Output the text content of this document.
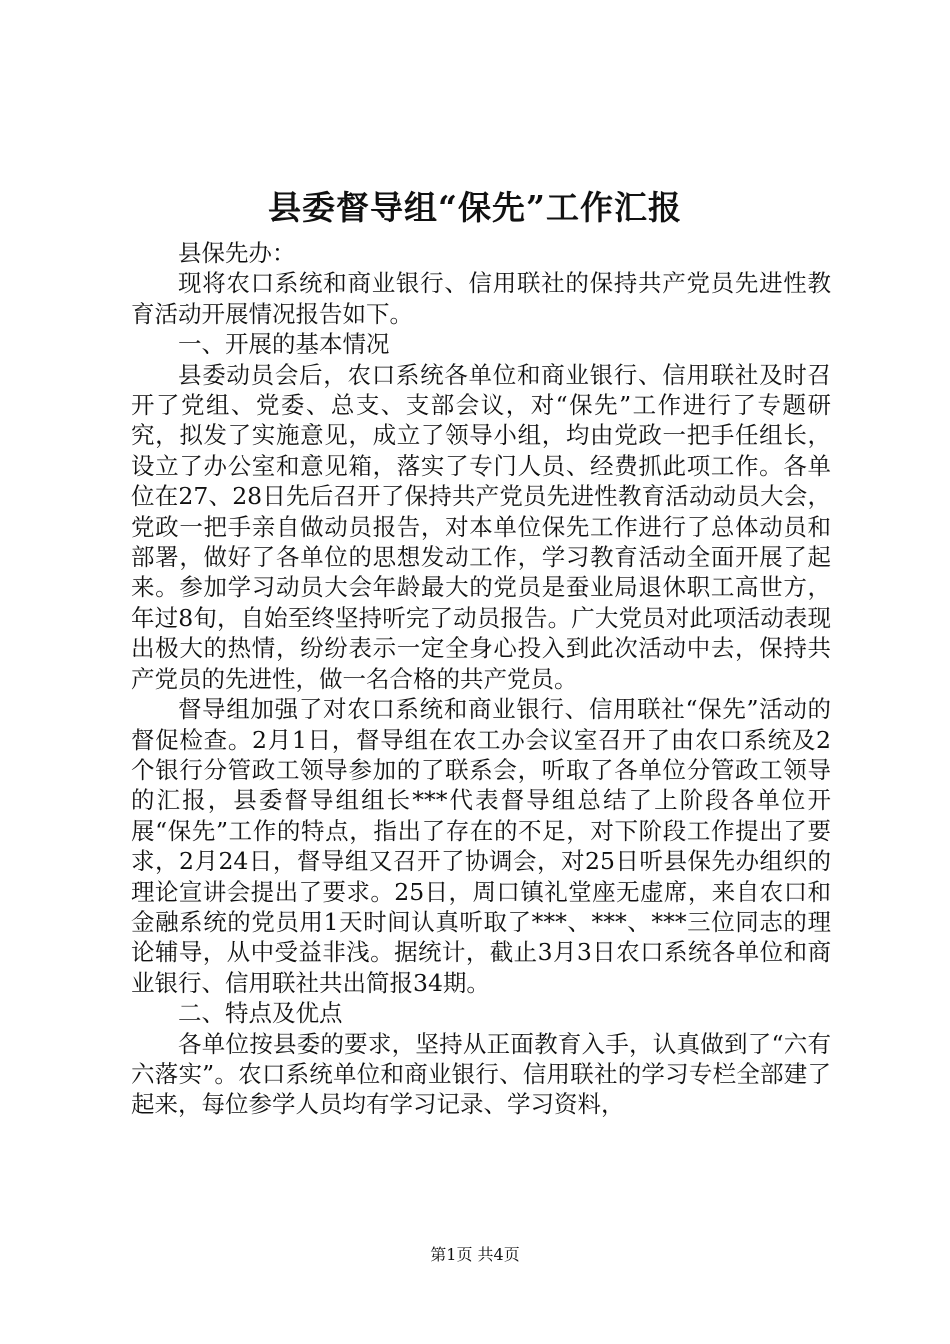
县委督导组“保先”工作汇报

县保先办：

现将农口系统和商业银行、信用联社的保持共产党员先进性教育活动开展情况报告如下。

一、开展的基本情况

县委动员会后，农口系统各单位和商业银行、信用联社及时召开了党组、党委、总支、支部会议，对“保先”工作进行了专题研究，拟发了实施意见，成立了领导小组，均由党政一把手任组长，设立了办公室和意见箱，落实了专门人员、经费抓此项工作。各单位在27、28日先后召开了保持共产党员先进性教育活动动员大会，党政一把手亲自做动员报告，对本单位保先工作进行了总体动员和部署，做好了各单位的思想发动工作，学习教育活动全面开展了起来。参加学习动员大会年龄最大的党员是蚕业局退休职工高世方，年过8旬，自始至终坚持听完了动员报告。广大党员对此项活动表现出极大的热情，纷纷表示一定全身心投入到此次活动中去，保持共产党员的先进性，做一名合格的共产党员。

督导组加强了对农口系统和商业银行、信用联社“保先”活动的督促检查。2月1日，督导组在农工办会议室召开了由农口系统及2个银行分管政工领导参加的了联系会，听取了各单位分管政工领导的汇报，县委督导组组长***代表督导组总结了上阶段各单位开展“保先”工作的特点，指出了存在的不足，对下阶段工作提出了要求，2月24日，督导组又召开了协调会，对25日听县保先办组织的理论宣讲会提出了要求。25日，周口镇礼堂座无虚席，来自农口和金融系统的党员用1天时间认真听取了***、***、***三位同志的理论辅导，从中受益非浅。据统计，截止3月3日农口系统各单位和商业银行、信用联社共出简报34期。

二、特点及优点

各单位按县委的要求，坚持从正面教育入手，认真做到了“六有六落实”。农口系统单位和商业银行、信用联社的学习专栏全部建了起来，每位参学人员均有学习记录、学习资料，

第1页 共4页
